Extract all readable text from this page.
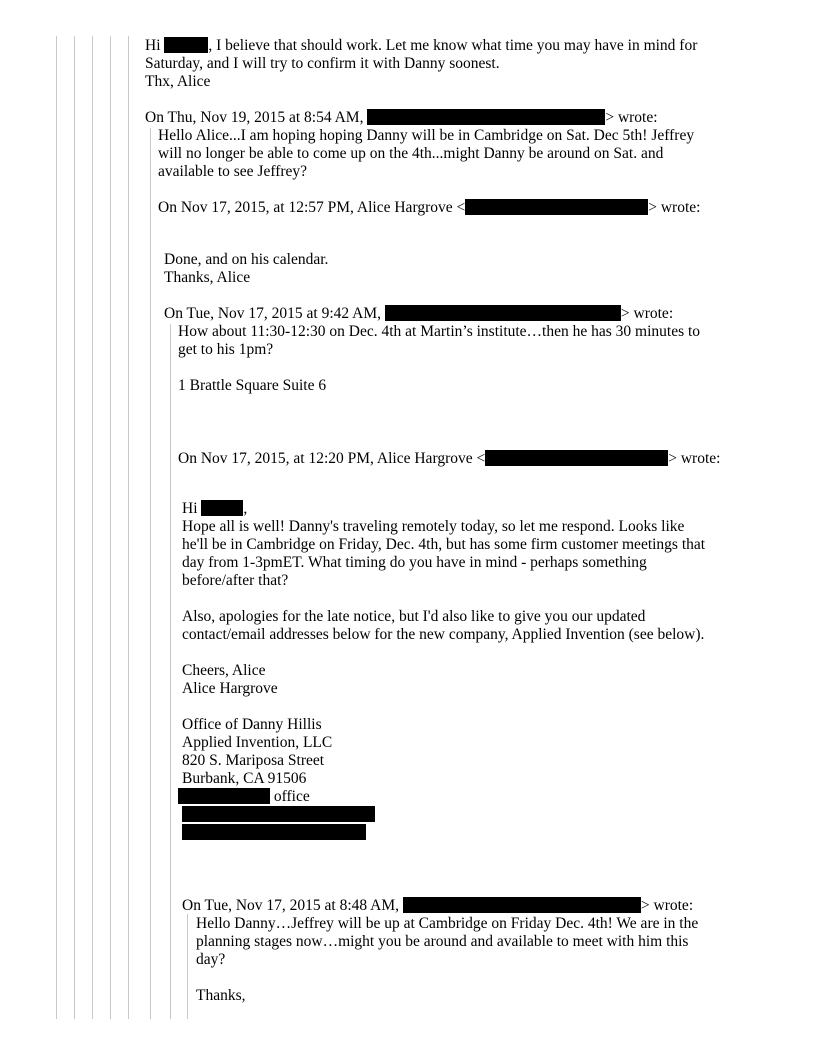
Hi	, I believe that should work. Let me know what time you may have in mind for
Saturday, and I will try to confirm it with Danny soonest.
Thx, Alice
On Thu, Nov 19, 2015 at 8:54 AM,	> wrote:
Hello Alice...I am hoping hoping Danny will be in Cambridge on Sat. Dec 5th! Jeffrey
will no longer be able to come up on the 4th...might Danny be around on Sat. and
available to see Jeffrey?
On Nov 17, 2015, at 12:57 PM, Alice Hargrove <	> wrote:
Done, and on his calendar.
Thanks, Alice
On Tue, Nov 17, 2015 at 9:42 AM,	> wrote:
How about 11:30-12:30 on Dec. 4th at Martin’s institute…then he has 30 minutes to
get to his 1pm?
1 Brattle Square Suite 6
On Nov 17, 2015, at 12:20 PM, Alice Hargrove <	> wrote:
Hi	,
Hope all is well! Danny's traveling remotely today, so let me respond. Looks like
he'll be in Cambridge on Friday, Dec. 4th, but has some firm customer meetings that
day from 1-3pmET. What timing do you have in mind - perhaps something
before/after that?
Also, apologies for the late notice, but I'd also like to give you our updated
contact/email addresses below for the new company, Applied Invention (see below).
Cheers, Alice
Alice Hargrove
Office of Danny Hillis
Applied Invention, LLC
820 S. Mariposa Street
Burbank, CA 91506
office
On Tue, Nov 17, 2015 at 8:48 AM,	> wrote:
Hello Danny…Jeffrey will be up at Cambridge on Friday Dec. 4th! We are in the
planning stages now…might you be around and available to meet with him this
day?
Thanks,
